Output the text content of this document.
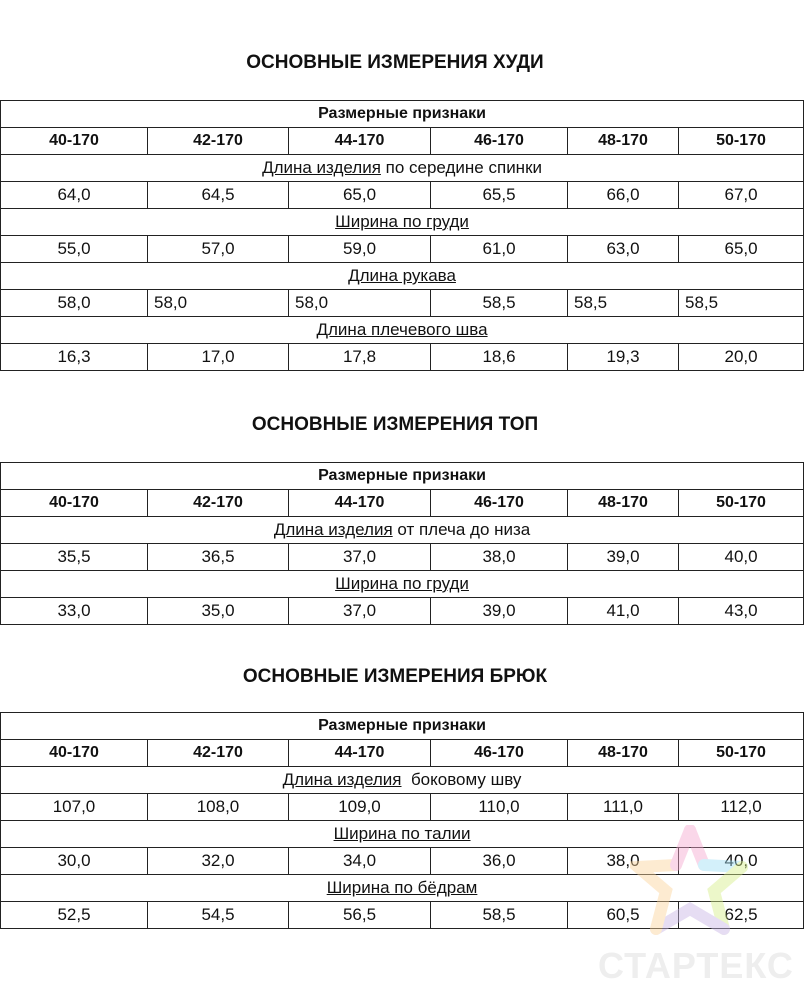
ОСНОВНЫЕ ИЗМЕРЕНИЯ ХУДИ
Размерные признаки					
40-170	42-170	44-170	46-170	48-170	50-170
Длина изделия по середине спинки					
64,0	64,5	65,0	65,5	66,0	67,0
Ширина по груди					
55,0	57,0	59,0	61,0	63,0	65,0
Длина рукава					
58,0	58,0	58,0	58,5	58,5	58,5
Длина плечевого шва					
16,3	17,0	17,8	18,6	19,3	20,0
ОСНОВНЫЕ ИЗМЕРЕНИЯ ТОП
Размерные признаки					
40-170	42-170	44-170	46-170	48-170	50-170
Длина изделия от плеча до низа					
35,5	36,5	37,0	38,0	39,0	40,0
Ширина по груди					
33,0	35,0	37,0	39,0	41,0	43,0
ОСНОВНЫЕ ИЗМЕРЕНИЯ БРЮК
Размерные признаки					
40-170	42-170	44-170	46-170	48-170	50-170
Длина изделия  боковому шву					
107,0	108,0	109,0	110,0	111,0	112,0
Ширина по талии					
30,0	32,0	34,0	36,0	38,0	40,0
Ширина по бёдрам					
52,5	54,5	56,5	58,5	60,5	62,5
СТАРТЕКС
